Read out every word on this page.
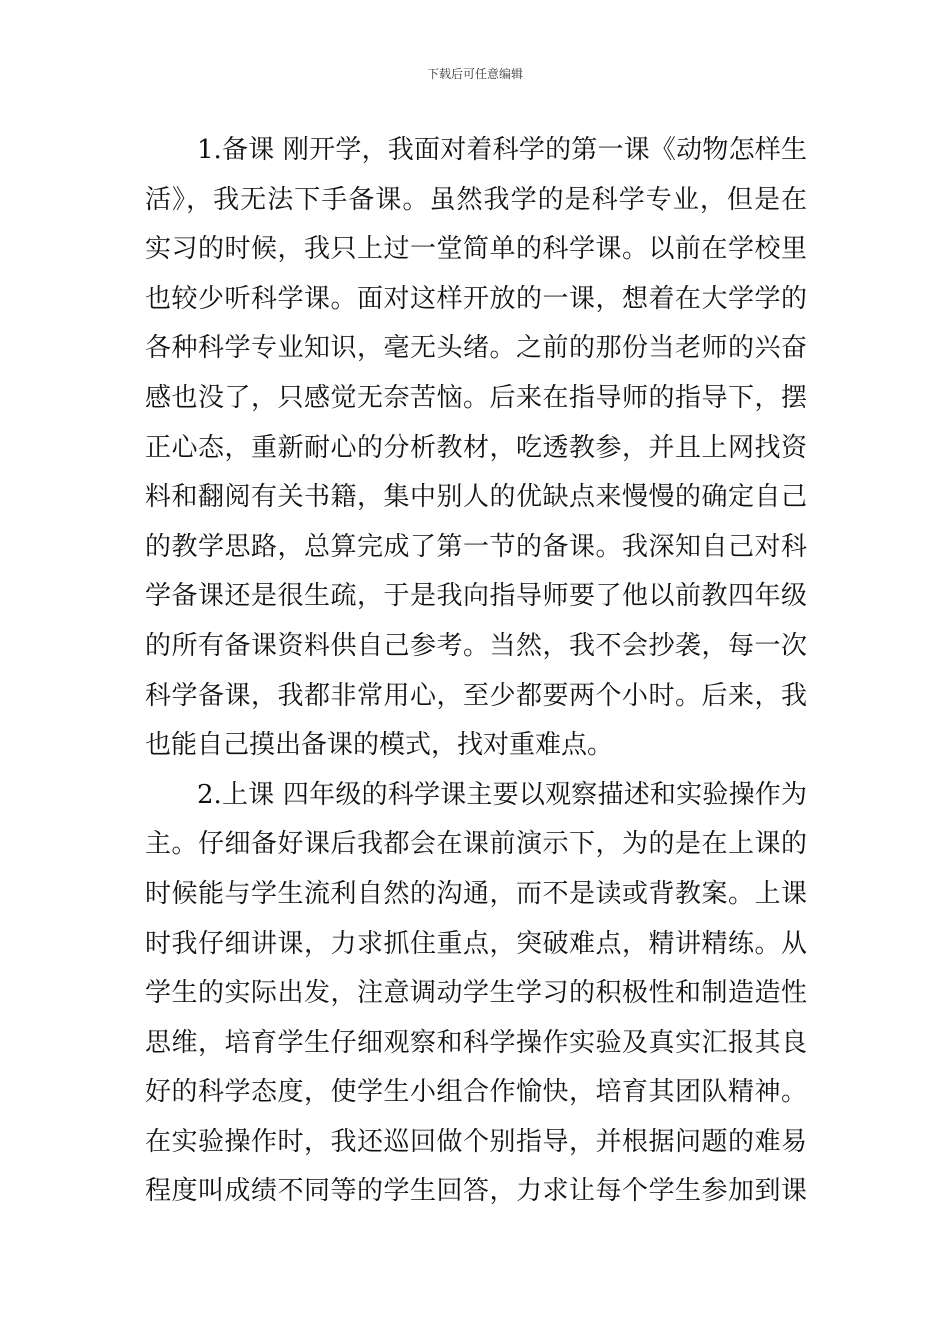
下载后可任意编辑
1.备课 刚开学，我面对着科学的第一课《动物怎样生
活》，我无法下手备课。虽然我学的是科学专业，但是在
实习的时候，我只上过一堂简单的科学课。以前在学校里
也较少听科学课。面对这样开放的一课，想着在大学学的
各种科学专业知识，毫无头绪。之前的那份当老师的兴奋
感也没了，只感觉无奈苦恼。后来在指导师的指导下，摆
正心态，重新耐心的分析教材，吃透教参，并且上网找资
料和翻阅有关书籍，集中别人的优缺点来慢慢的确定自己
的教学思路，总算完成了第一节的备课。我深知自己对科
学备课还是很生疏，于是我向指导师要了他以前教四年级
的所有备课资料供自己参考。当然，我不会抄袭，每一次
科学备课，我都非常用心，至少都要两个小时。后来，我
也能自己摸出备课的模式，找对重难点。
2.上课 四年级的科学课主要以观察描述和实验操作为
主。仔细备好课后我都会在课前演示下，为的是在上课的
时候能与学生流利自然的沟通，而不是读或背教案。上课
时我仔细讲课，力求抓住重点，突破难点，精讲精练。从
学生的实际出发，注意调动学生学习的积极性和制造造性
思维，培育学生仔细观察和科学操作实验及真实汇报其良
好的科学态度，使学生小组合作愉快，培育其团队精神。
在实验操作时，我还巡回做个别指导，并根据问题的难易
程度叫成绩不同等的学生回答，力求让每个学生参加到课
